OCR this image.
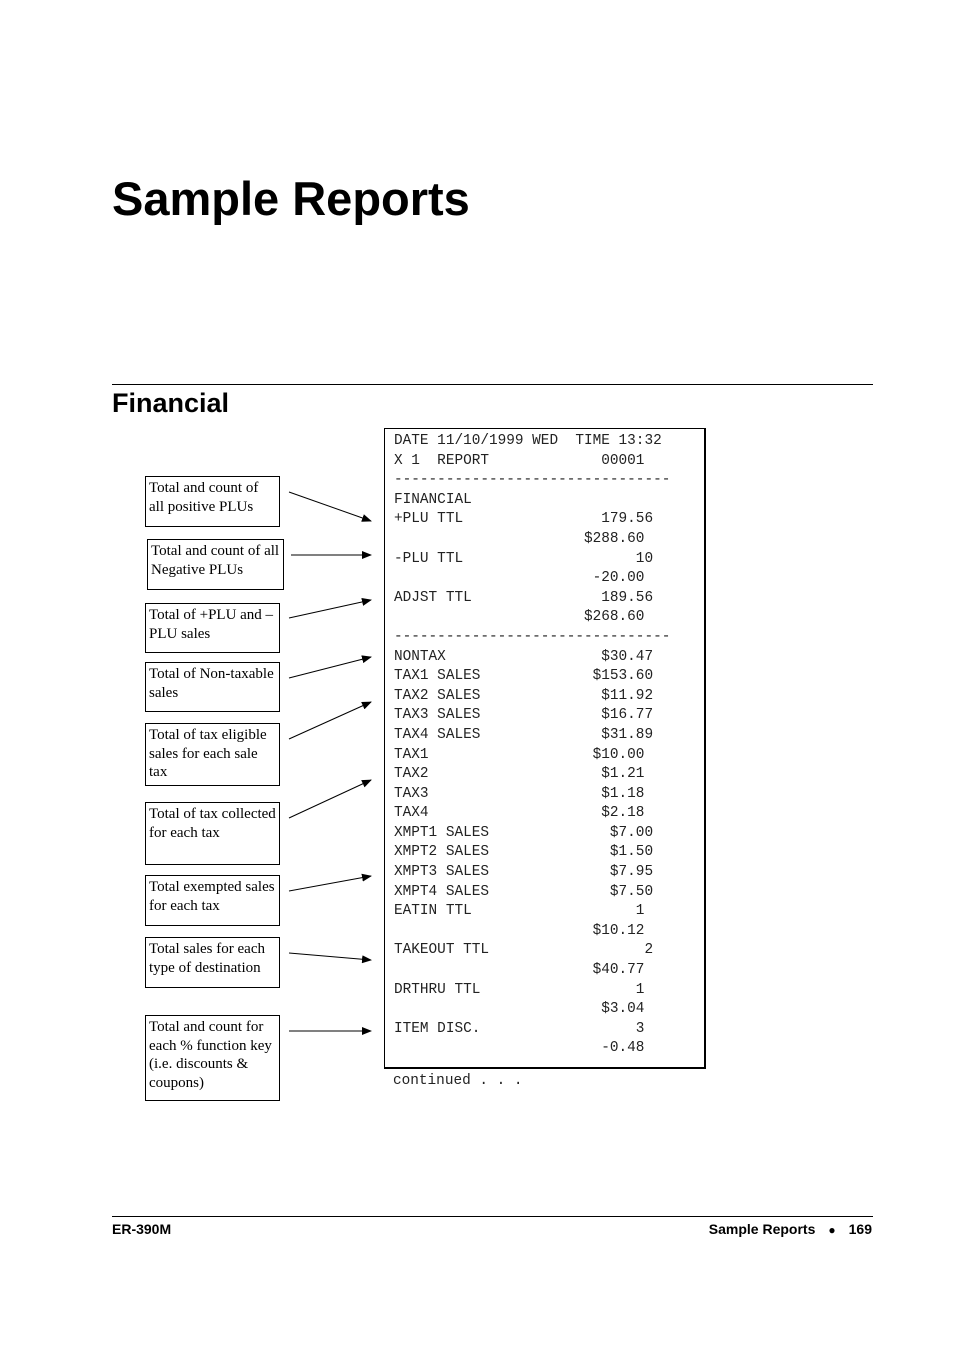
Sample Reports
Financial
Total and count of all positive PLUs
Total and count of all Negative PLUs
Total of +PLU and –PLU sales
Total of Non-taxable sales
Total of tax eligible sales for each sale tax
Total of tax collected for each tax
Total exempted sales for each tax
Total sales for each type of destination
Total and count for each % function key (i.e. discounts & coupons)
DATE 11/10/1999 WED  TIME 13:32
X 1  REPORT             00001
--------------------------------
FINANCIAL
+PLU TTL                179.56
$288.60
-PLU TTL                    10
-20.00
ADJST TTL               189.56
$268.60
--------------------------------
NONTAX                  $30.47
TAX1 SALES             $153.60
TAX2 SALES              $11.92
TAX3 SALES              $16.77
TAX4 SALES              $31.89
TAX1                   $10.00
TAX2                    $1.21
TAX3                    $1.18
TAX4                    $2.18
XMPT1 SALES              $7.00
XMPT2 SALES              $1.50
XMPT3 SALES              $7.95
XMPT4 SALES              $7.50
EATIN TTL                   1
$10.12
TAKEOUT TTL                  2
$40.77
DRTHRU TTL                  1
$3.04
ITEM DISC.                  3
-0.48
continued . . .
ER-390M	Sample Reports ● 169
